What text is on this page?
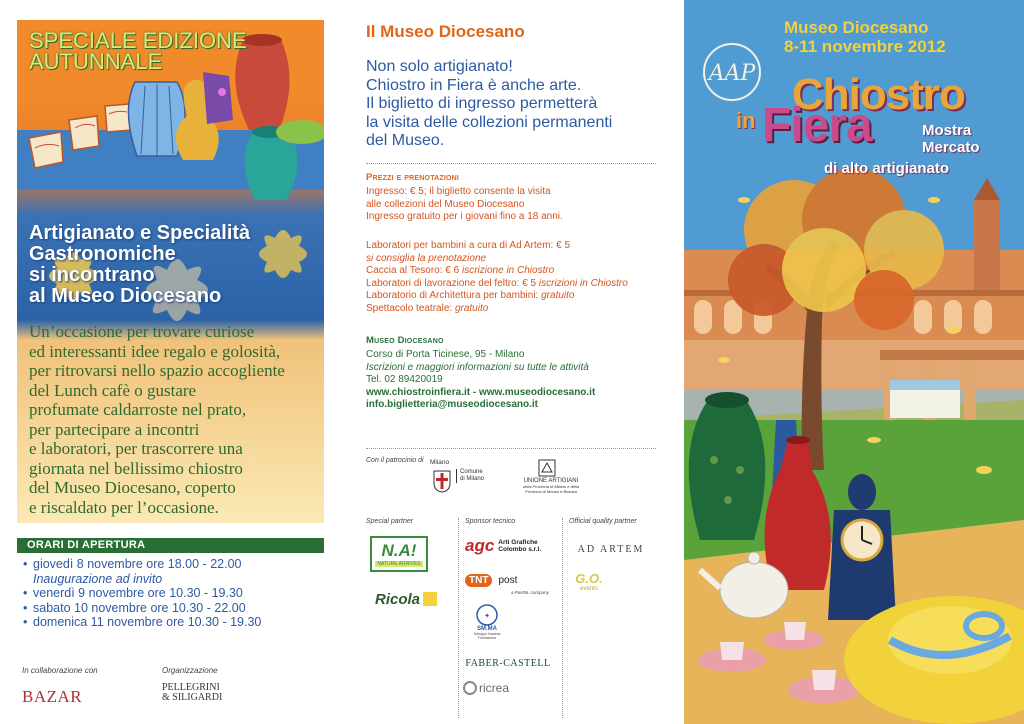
SPECIALE EDIZIONE
AUTUNNALE
Artigianato e Specialità
Gastronomiche
si incontrano
al Museo Diocesano
Un’occasione per trovare curiose
ed interessanti idee regalo e golosità,
per ritrovarsi nello spazio accogliente
del Lunch cafè o gustare
profumate caldarroste nel prato,
per partecipare a incontri
e laboratori, per trascorrere una
giornata nel bellissimo chiostro
del Museo Diocesano, coperto
e riscaldato per l’occasione.
ORARI DI APERTURA
• giovedì 8 novembre ore 18.00 - 22.00
Inaugurazione ad invito
• venerdì 9 novembre ore 10.30 - 19.30
• sabato 10 novembre ore 10.30 - 22.00
• domenica 11 novembre ore 10.30 - 19.30
In collaborazione con
BAZAR
Organizzazione
PELLEGRINI
& SILIGARDI
Il Museo Diocesano
Non solo artigianato!
Chiostro in Fiera è anche arte.
Il biglietto di ingresso permetterà
la visita delle collezioni permanenti
del Museo.
Prezzi e prenotazioni
Ingresso: € 5; il biglietto consente la visita
alle collezioni del Museo Diocesano
Ingresso gratuito per i giovani fino a 18 anni.
Laboratori per bambini a cura di Ad Artem: € 5
si consiglia la prenotazione
Caccia al Tesoro: € 6 iscrizione in Chiostro
Laboratori di lavorazione del feltro: € 5 iscrizioni in Chiostro
Laboratorio di Architettura per bambini: gratuito
Spettacolo teatrale: gratuito
Museo Diocesano
Corso di Porta Ticinese, 95 - Milano
Iscrizioni e maggiori informazioni su tutte le attività
Tel. 02 89420019
www.chiostroinfiera.it - www.museodiocesano.it
info.biglietteria@museodiocesano.it
Con il patrocinio di Milano
Comune
di Milano	UNIONE ARTIGIANI
della Provincia di Milano e della
Provincia di Monza e Brianza
Special partner
N.A!
NATURE ARRIVES
Ricola
Sponsor tecnico
agc Arti Grafiche
Colombo s.r.l.
TNT	post
a PostNL company
✦
SM.MA
Sviluppo Imprese
Formazione
FABER-CASTELL
ricrea
Official quality partner
AD ARTEM
G.O.
events
AAP
Museo Diocesano
8-11 novembre 2012
Chiostro
Fiera
in	Mostra
Mercato
di alto artigianato
